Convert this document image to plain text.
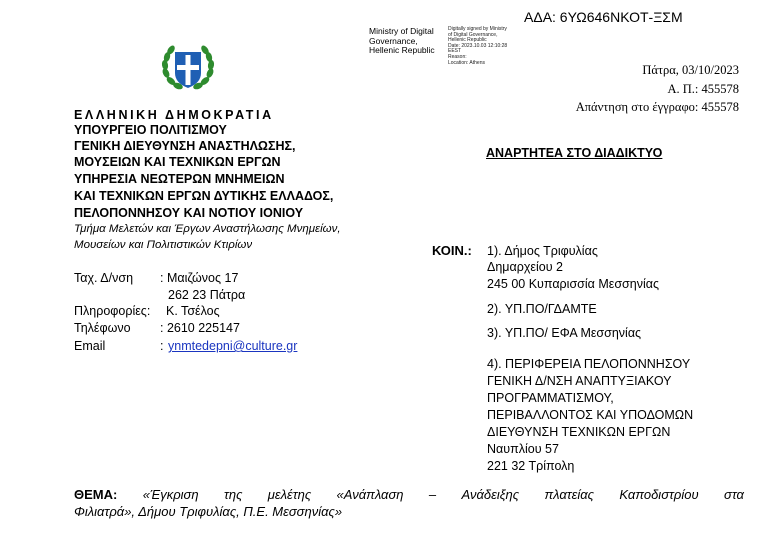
ΑΔΑ: 6ΥΩ646ΝΚΟΤ-ΞΣΜ
Ministry of Digital
Governance,
Hellenic Republic
Digitally signed by Ministry
of Digital Governance,
Hellenic Republic
Date: 2023.10.03 12:10:28
EEST
Reason:
Location: Athens
Πάτρα, 03/10/2023
Α. Π.: 455578
Απάντηση στο έγγραφο: 455578
ΕΛΛΗΝΙΚΗ ΔΗΜΟΚΡΑΤΙΑ
ΥΠΟΥΡΓΕΙΟ ΠΟΛΙΤΙΣΜΟΥ
ΓΕΝΙΚΗ ΔΙΕΥΘΥΝΣΗ ΑΝΑΣΤΗΛΩΣΗΣ,
ΜΟΥΣΕΙΩΝ ΚΑΙ ΤΕΧΝΙΚΩΝ ΕΡΓΩΝ
ΥΠΗΡΕΣΙΑ ΝΕΩΤΕΡΩΝ ΜΝΗΜΕΙΩΝ
ΚΑΙ ΤΕΧΝΙΚΩΝ ΕΡΓΩΝ ΔΥΤΙΚΗΣ ΕΛΛΑΔΟΣ,
ΠΕΛΟΠΟΝΝΗΣΟΥ ΚΑΙ ΝΟΤΙΟΥ ΙΟΝΙΟΥ
Τμήμα Μελετών και Έργων Αναστήλωσης Μνημείων,
Μουσείων και Πολιτιστικών Κτιρίων
Ταχ. Δ/νση : Μαιζώνος 17
262 23 Πάτρα
Πληροφορίες: Κ. Τσέλος
Τηλέφωνο : 2610 225147
Email	: ynmtedepni@culture.gr
ΑΝΑΡΤΗΤΕΑ ΣΤΟ ΔΙΑΔΙΚΤΥΟ
ΚΟΙΝ.: 1). Δήμος Τριφυλίας
Δημαρχείου 2
245 00 Κυπαρισσία Μεσσηνίας
2). ΥΠ.ΠΟ/ΓΔΑΜΤΕ
3). ΥΠ.ΠΟ/ ΕΦΑ Μεσσηνίας
4). ΠΕΡΙΦΕΡΕΙΑ ΠΕΛΟΠΟΝΝΗΣΟΥ
ΓΕΝΙΚΗ Δ/ΝΣΗ ΑΝΑΠΤΥΞΙΑΚΟΥ
ΠΡΟΓΡΑΜΜΑΤΙΣΜΟΥ,
ΠΕΡΙΒΑΛΛΟΝΤΟΣ ΚΑΙ ΥΠΟΔΟΜΩΝ
ΔΙΕΥΘΥΝΣΗ ΤΕΧΝΙΚΩΝ ΕΡΓΩΝ
Ναυπλίου 57
221 32 Τρίπολη
ΘΕΜΑ: «Έγκριση της μελέτης «Ανάπλαση – Ανάδειξης πλατείας Καποδιστρίου στα
Φιλιατρά», Δήμου Τριφυλίας, Π.Ε. Μεσσηνίας»
